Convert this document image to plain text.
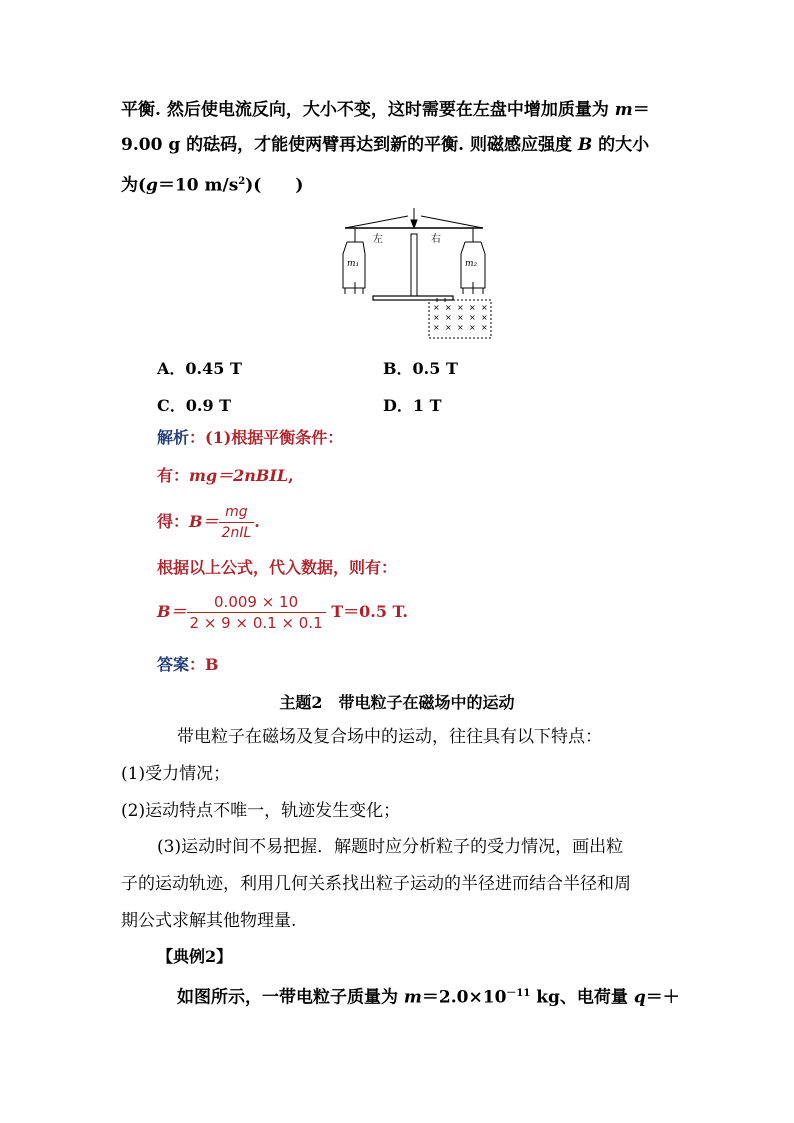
平衡. 然后使电流反向，大小不变，这时需要在左盘中增加质量为 m＝
9.00 g 的砝码，才能使两臂再达到新的平衡. 则磁感应强度 B 的大小
为(g＝10 $m/s^2$)(　　)
左	右
m₁	m₂
× × × × ×
× × × × ×
× × × × ×
A．0.45 T	B．0.5 T
C．0.9 T	D．1 T
解析：(1)根据平衡条件：
有：mg＝2nBIL,
得：$B= \frac{mg}{\text{2nIL}}$ .
根据以上公式，代入数据，则有：
$B= \frac{0.009 \times 10}{2 \times 9 \times 0.1 \times 0.1} T=0.5$ T.
答案：B
主题2　带电粒子在磁场中的运动
带电粒子在磁场及复合场中的运动，往往具有以下特点：
(1)受力情况；
(2)运动特点不唯一，轨迹发生变化；
(3)运动时间不易把握．解题时应分析粒子的受力情况，画出粒
子的运动轨迹，利用几何关系找出粒子运动的半径进而结合半径和周
期公式求解其他物理量.
【典例2】
如图所示，一带电粒子质量为 $m=2.0\times 10^{-11}$ kg、电荷量 q＝＋
